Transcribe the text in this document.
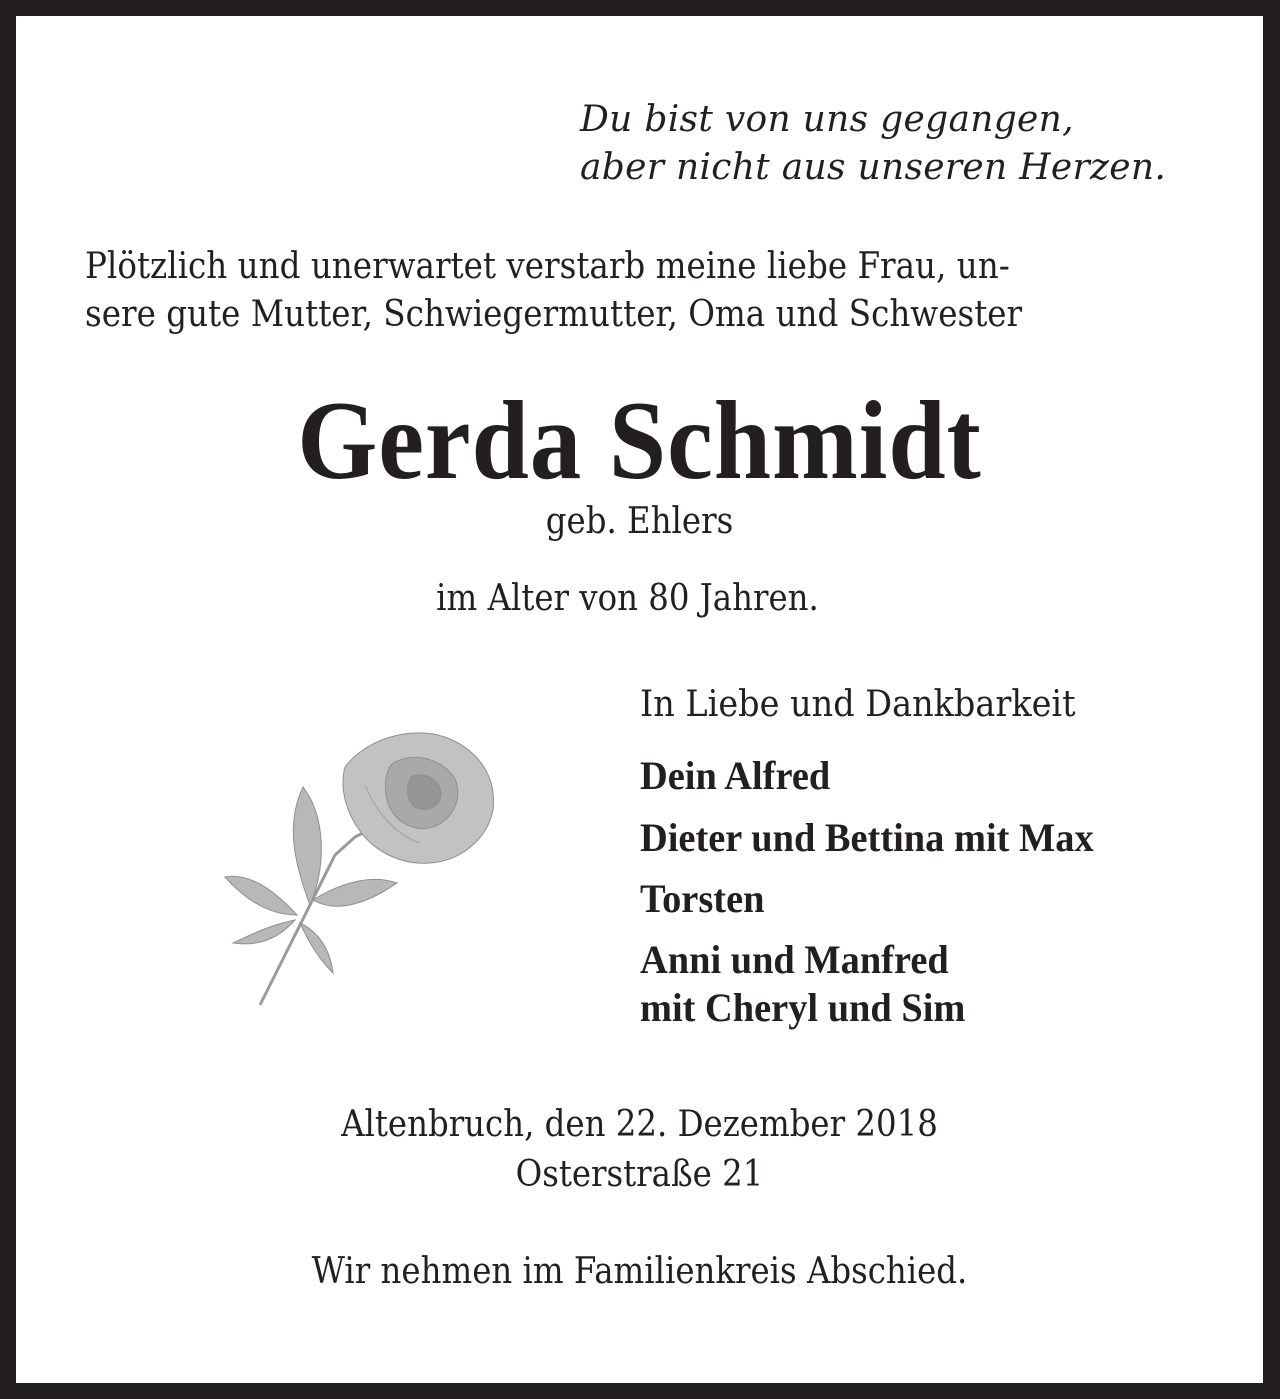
Du bist von uns gegangen,
aber nicht aus unseren Herzen.
Plötzlich und unerwartet verstarb meine liebe Frau, un-
sere gute Mutter, Schwiegermutter, Oma und Schwester
Gerda Schmidt
geb. Ehlers
im Alter von 80 Jahren.
In Liebe und Dankbarkeit
Dein Alfred
Dieter und Bettina mit Max
Torsten
Anni und Manfred
mit Cheryl und Sim
Altenbruch, den 22. Dezember 2018
Osterstraße 21
Wir nehmen im Familienkreis Abschied.
